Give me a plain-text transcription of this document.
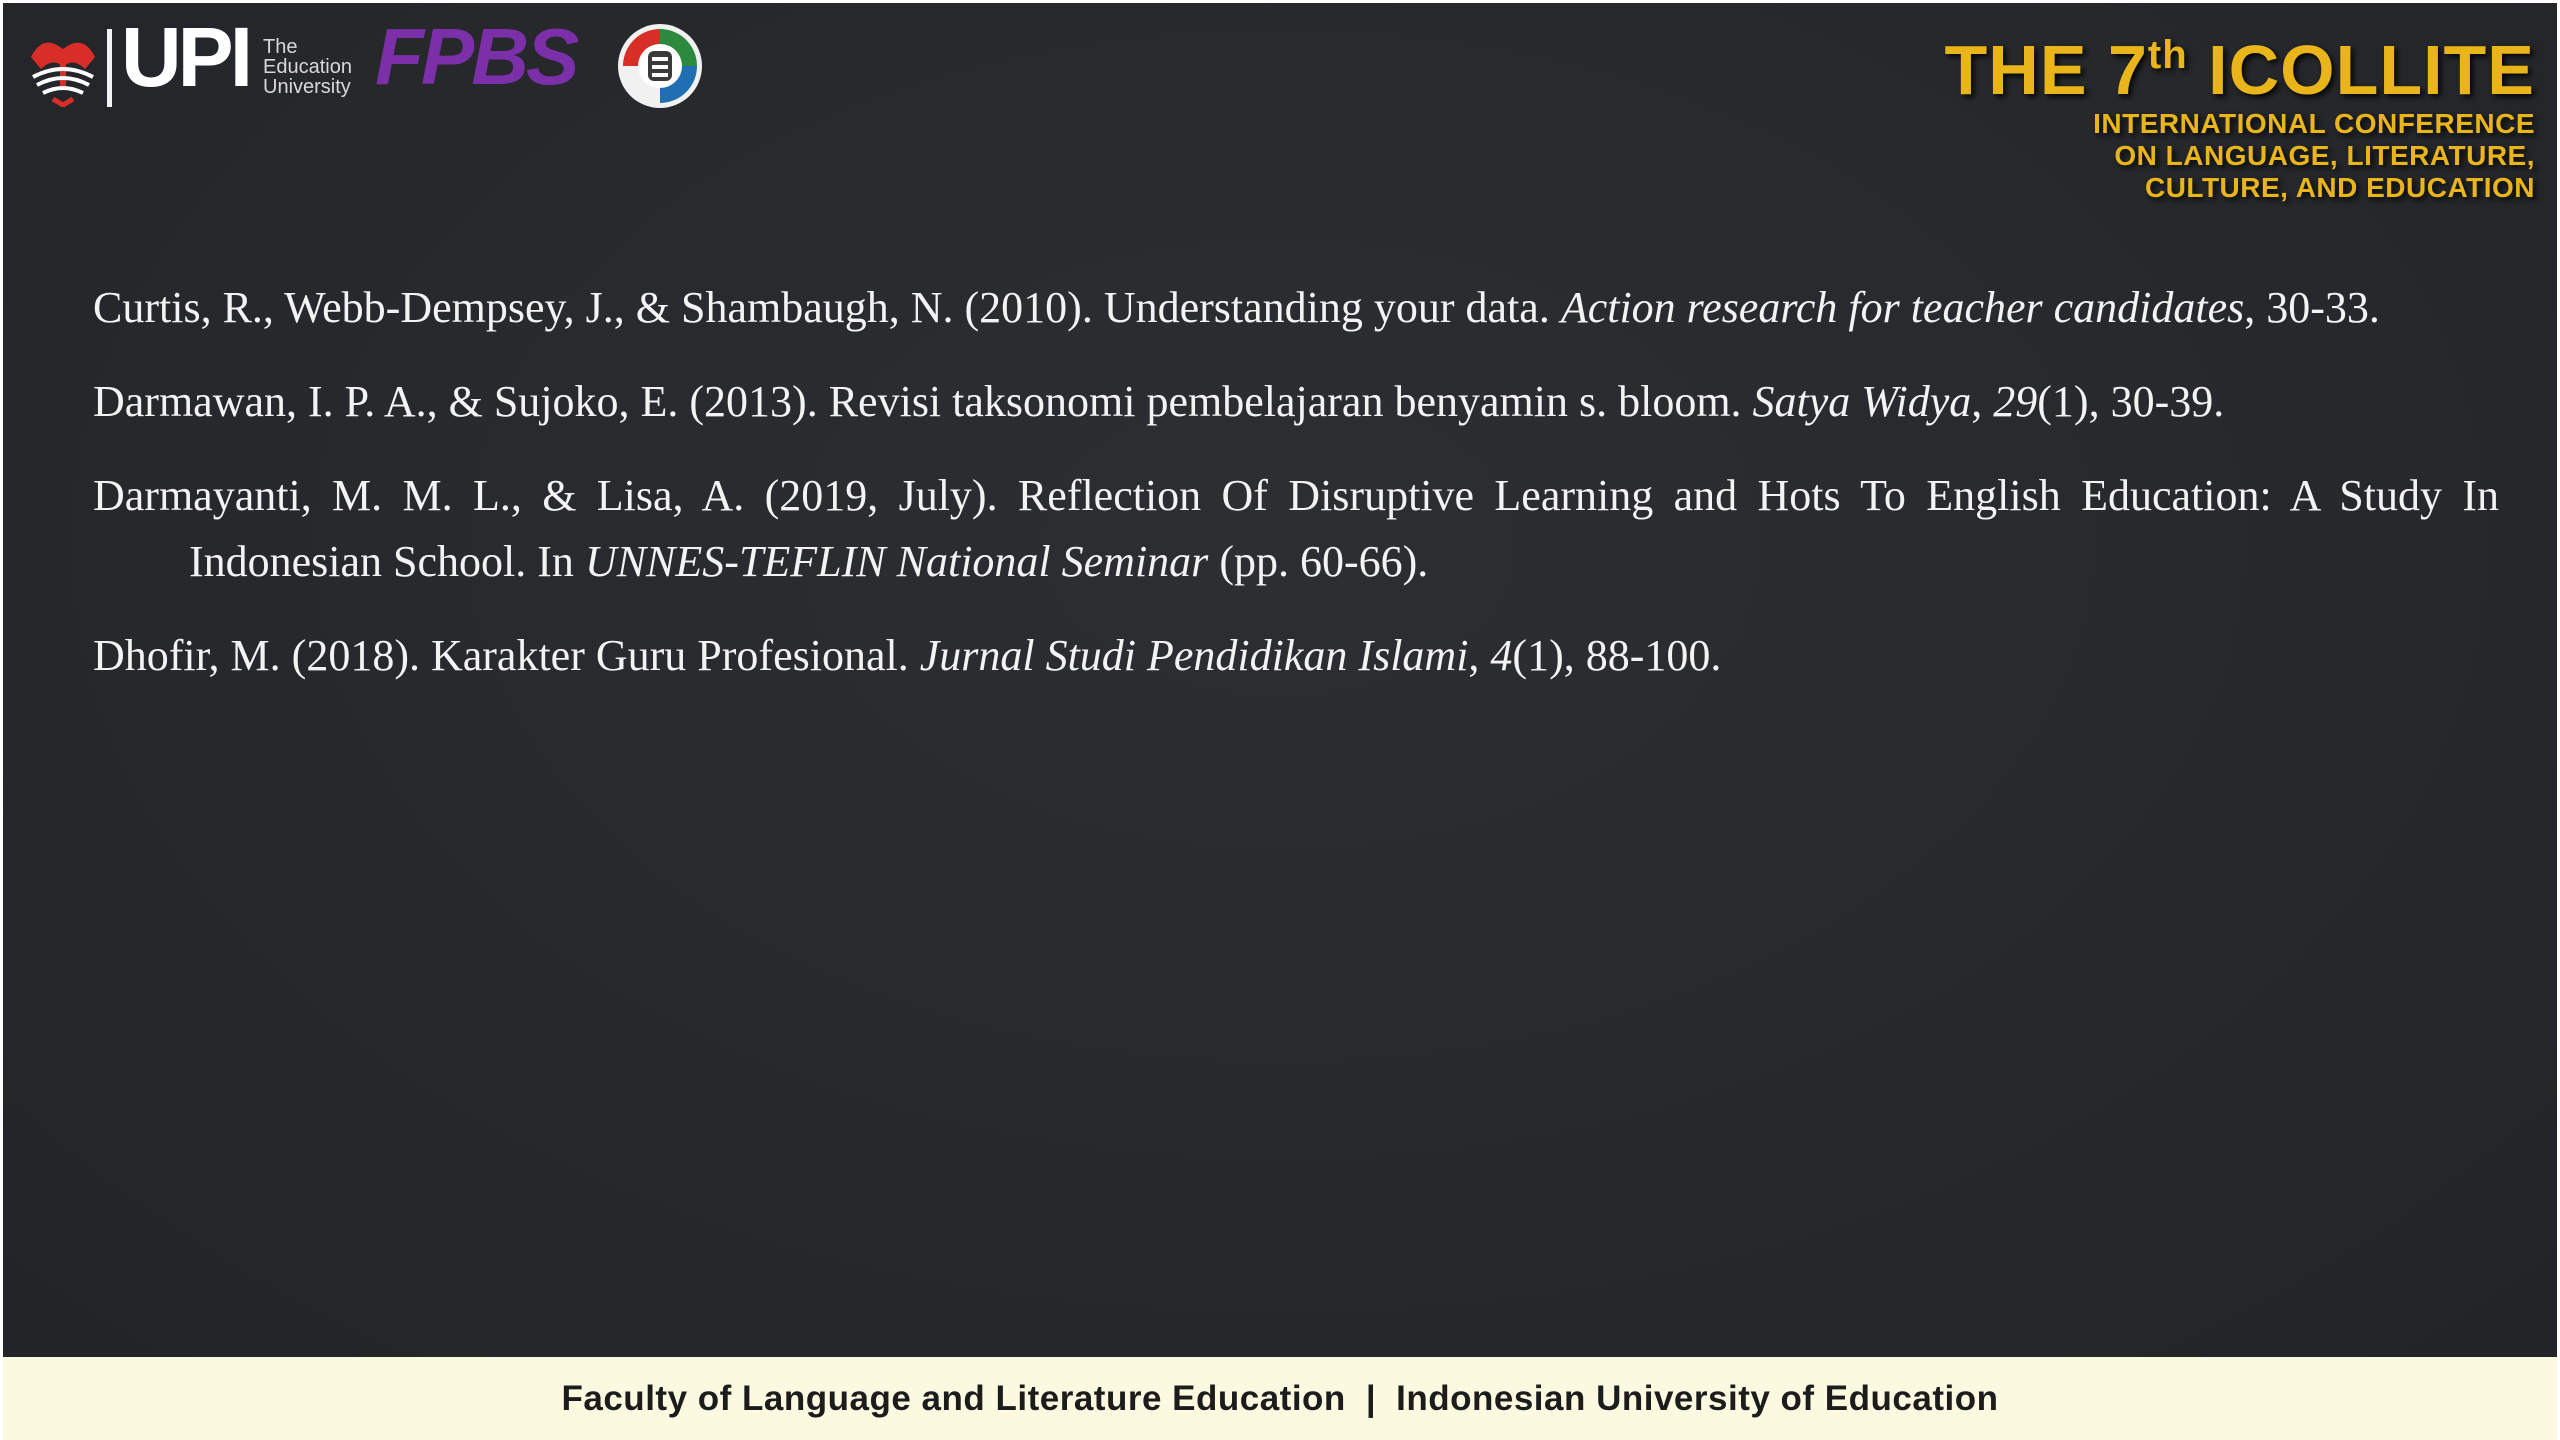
UPI The
Education
University FPBS	THE 7th ICOLLITE
INTERNATIONAL CONFERENCE
ON LANGUAGE, LITERATURE,
CULTURE, AND EDUCATION

Curtis, R., Webb-Dempsey, J., & Shambaugh, N. (2010). Understanding your data. Action research for teacher candidates, 30-33.

Darmawan, I. P. A., & Sujoko, E. (2013). Revisi taksonomi pembelajaran benyamin s. bloom. Satya Widya, 29(1), 30-39.

Darmayanti, M. M. L., & Lisa, A. (2019, July). Reflection Of Disruptive Learning and Hots To English Education: A Study In Indonesian School. In UNNES-TEFLIN National Seminar (pp. 60-66).

Dhofir, M. (2018). Karakter Guru Profesional. Jurnal Studi Pendidikan Islami, 4(1), 88-100.

Faculty of Language and Literature Education | Indonesian University of Education
